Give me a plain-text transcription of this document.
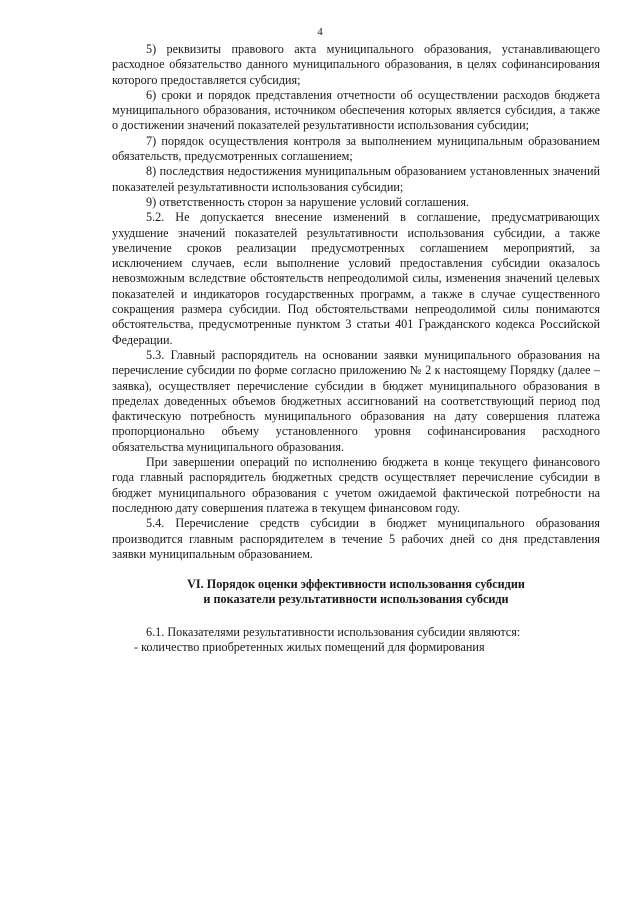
4

5) реквизиты правового акта муниципального образования, устанавливающего расходное обязательство данного муниципального образования, в целях софинансирования которого предоставляется субсидия;

6) сроки и порядок представления отчетности об осуществлении расходов бюджета муниципального образования, источником обеспечения которых является субсидия, а также о достижении значений показателей результативности использования субсидии;

7) порядок осуществления контроля за выполнением муниципальным образованием обязательств, предусмотренных соглашением;

8) последствия недостижения муниципальным образованием установленных значений показателей результативности использования субсидии;

9) ответственность сторон за нарушение условий соглашения.

5.2. Не допускается внесение изменений в соглашение, предусматривающих ухудшение значений показателей результативности использования субсидии, а также увеличение сроков реализации предусмотренных соглашением мероприятий, за исключением случаев, если выполнение условий предоставления субсидии оказалось невозможным вследствие обстоятельств непреодолимой силы, изменения значений целевых показателей и индикаторов государственных программ, а также в случае существенного сокращения размера субсидии. Под обстоятельствами непреодолимой силы понимаются обстоятельства, предусмотренные пунктом 3 статьи 401 Гражданского кодекса Российской Федерации.

5.3. Главный распорядитель на основании заявки муниципального образования на перечисление субсидии по форме согласно приложению № 2 к настоящему Порядку (далее – заявка), осуществляет перечисление субсидии в бюджет муниципального образования в пределах доведенных объемов бюджетных ассигнований на соответствующий период под фактическую потребность муниципального образования на дату совершения платежа пропорционально объему установленного уровня софинансирования расходного обязательства муниципального образования.

При завершении операций по исполнению бюджета в конце текущего финансового года главный распорядитель бюджетных средств осуществляет перечисление субсидии в бюджет муниципального образования с учетом ожидаемой фактической потребности на последнюю дату совершения платежа в текущем финансовом году.

5.4. Перечисление средств субсидии в бюджет муниципального образования производится главным распорядителем в течение 5 рабочих дней со дня представления заявки муниципальным образованием.

VI. Порядок оценки эффективности использования субсидии
и показатели результативности использования субсиди

6.1. Показателями результативности использования субсидии являются:

- количество приобретенных жилых помещений для формирования
